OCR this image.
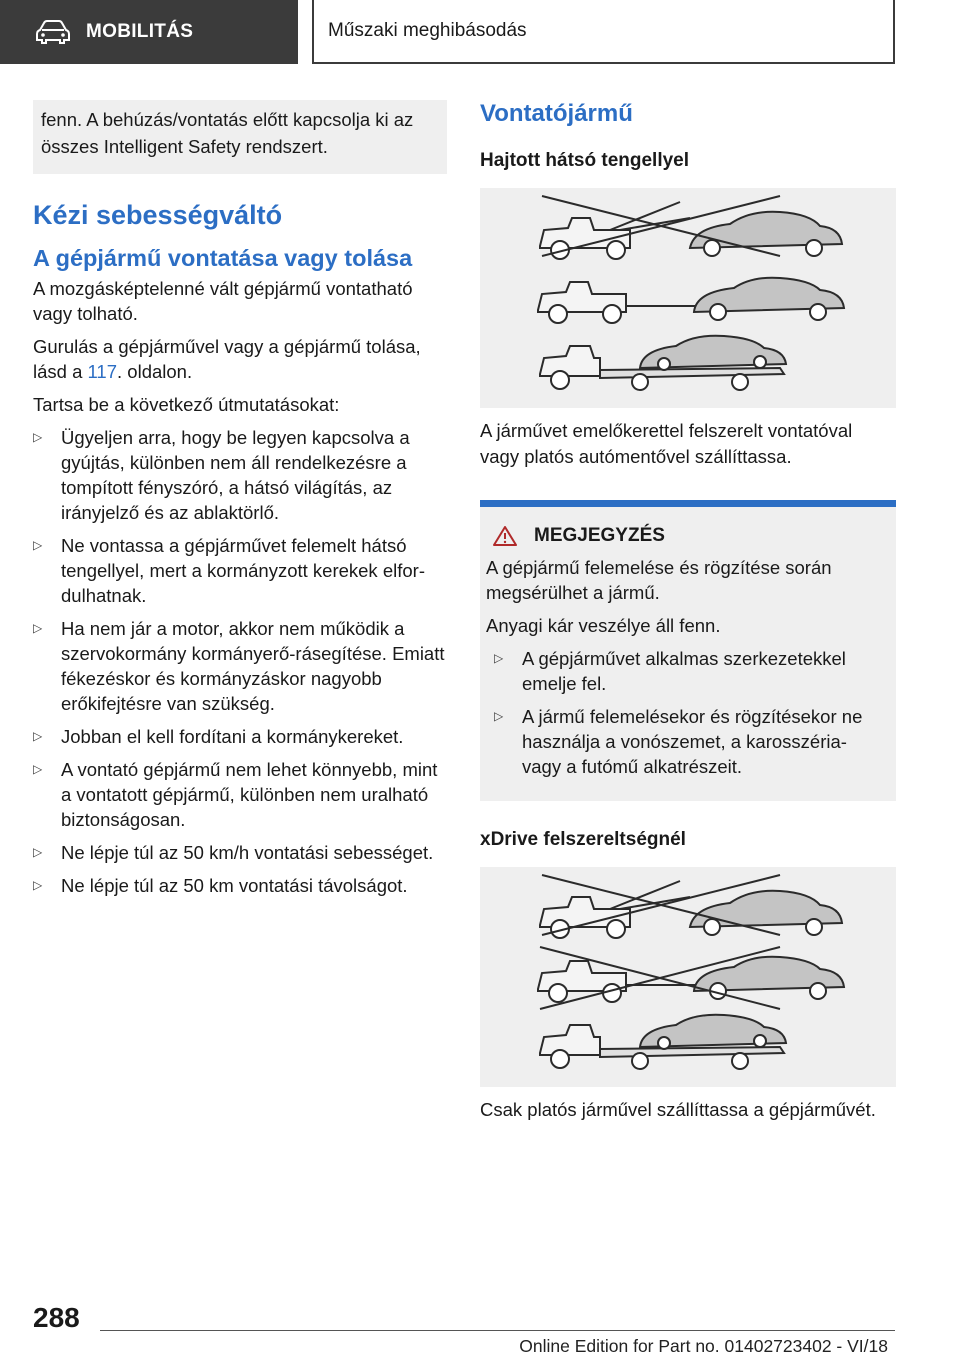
MOBILITÁS	Műszaki meghibásodás
fenn. A behúzás/vontatás előtt kapcsolja ki az összes Intelligent Safety rendszert.
Kézi sebességváltó
A gépjármű vontatása vagy tolása

A mozgásképtelenné vált gépjármű vontatható vagy tolható.

Gurulás a gépjárművel vagy a gépjármű tolása, lásd a 117. oldalon.

Tartsa be a következő útmutatásokat:

▷ Ügyeljen arra, hogy be legyen kapcsolva a gyújtás, különben nem áll rendelkezésre a tompított fényszóró, a hátsó világítás, az irányjelző és az ablaktörlő.
▷ Ne vontassa a gépjárművet felemelt hátsó tengellyel, mert a kormányzott kerekek elfordulhatnak.
▷ Ha nem jár a motor, akkor nem működik a szervokormány kormányerő-rásegítése. Emiatt fékezéskor és kormányzáskor nagyobb erőkifejtésre van szükség.
▷ Jobban el kell fordítani a kormánykereket.
▷ A vontató gépjármű nem lehet könnyebb, mint a vontatott gépjármű, különben nem uralható biztonságosan.
▷ Ne lépje túl az 50 km/h vontatási sebességet.
▷ Ne lépje túl az 50 km vontatási távolságot.
Vontatójármű
Hajtott hátsó tengellyel
A járművet emelőkerettel felszerelt vontatóval vagy platós autómentővel szállíttassa.
MEGJEGYZÉS

A gépjármű felemelése és rögzítése során megsérülhet a jármű.

Anyagi kár veszélye áll fenn.

▷ A gépjárművet alkalmas szerkezetekkel emelje fel.
▷ A jármű felemelésekor és rögzítésekor ne használja a vonószemet, a karosszéria- vagy a futómű alkatrészeit.
xDrive felszereltségnél
Csak platós járművel szállíttassa a gépjárművét.
288
Online Edition for Part no. 01402723402 - VI/18
